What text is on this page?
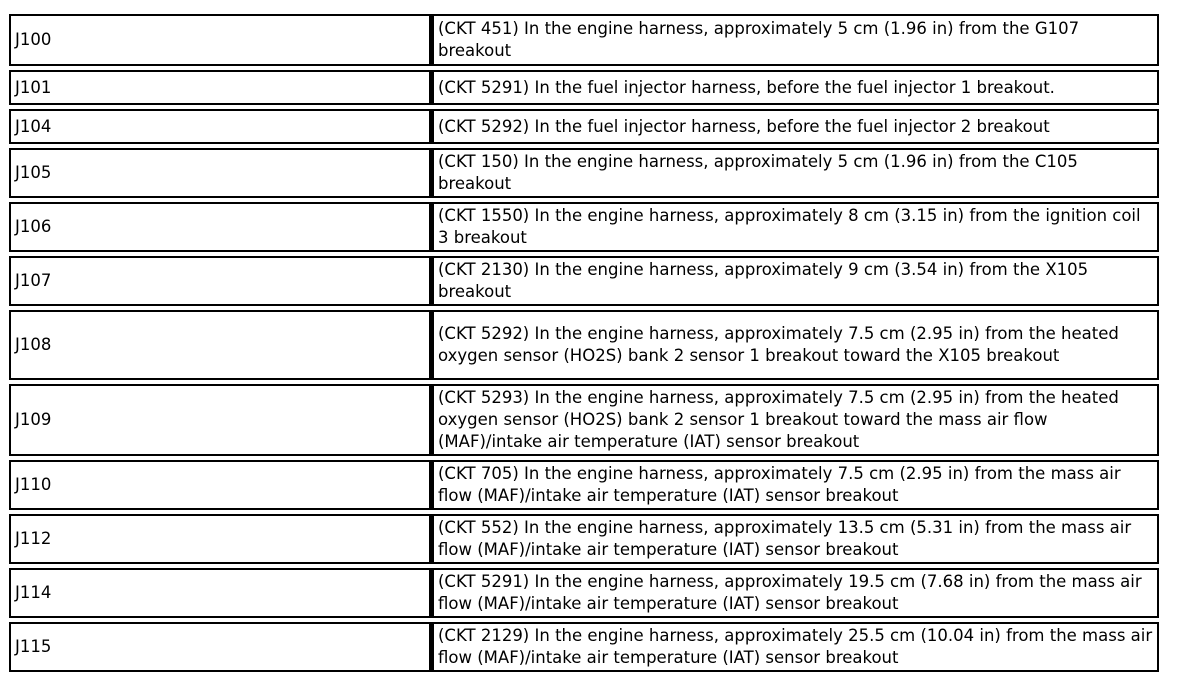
J100	(CKT 451) In the engine harness, approximately 5 cm (1.96 in) from the G107 breakout
J101	(CKT 5291) In the fuel injector harness, before the fuel injector 1 breakout.
J104	(CKT 5292) In the fuel injector harness, before the fuel injector 2 breakout
J105	(CKT 150) In the engine harness, approximately 5 cm (1.96 in) from the C105 breakout
J106	(CKT 1550) In the engine harness, approximately 8 cm (3.15 in) from the ignition coil 3 breakout
J107	(CKT 2130) In the engine harness, approximately 9 cm (3.54 in) from the X105 breakout
J108	(CKT 5292) In the engine harness, approximately 7.5 cm (2.95 in) from the heated oxygen sensor (HO2S) bank 2 sensor 1 breakout toward the X105 breakout
J109	(CKT 5293) In the engine harness, approximately 7.5 cm (2.95 in) from the heated oxygen sensor (HO2S) bank 2 sensor 1 breakout toward the mass air flow (MAF)/intake air temperature (IAT) sensor breakout
J110	(CKT 705) In the engine harness, approximately 7.5 cm (2.95 in) from the mass air flow (MAF)/intake air temperature (IAT) sensor breakout
J112	(CKT 552) In the engine harness, approximately 13.5 cm (5.31 in) from the mass air flow (MAF)/intake air temperature (IAT) sensor breakout
J114	(CKT 5291) In the engine harness, approximately 19.5 cm (7.68 in) from the mass air flow (MAF)/intake air temperature (IAT) sensor breakout
J115	(CKT 2129) In the engine harness, approximately 25.5 cm (10.04 in) from the mass air flow (MAF)/intake air temperature (IAT) sensor breakout
